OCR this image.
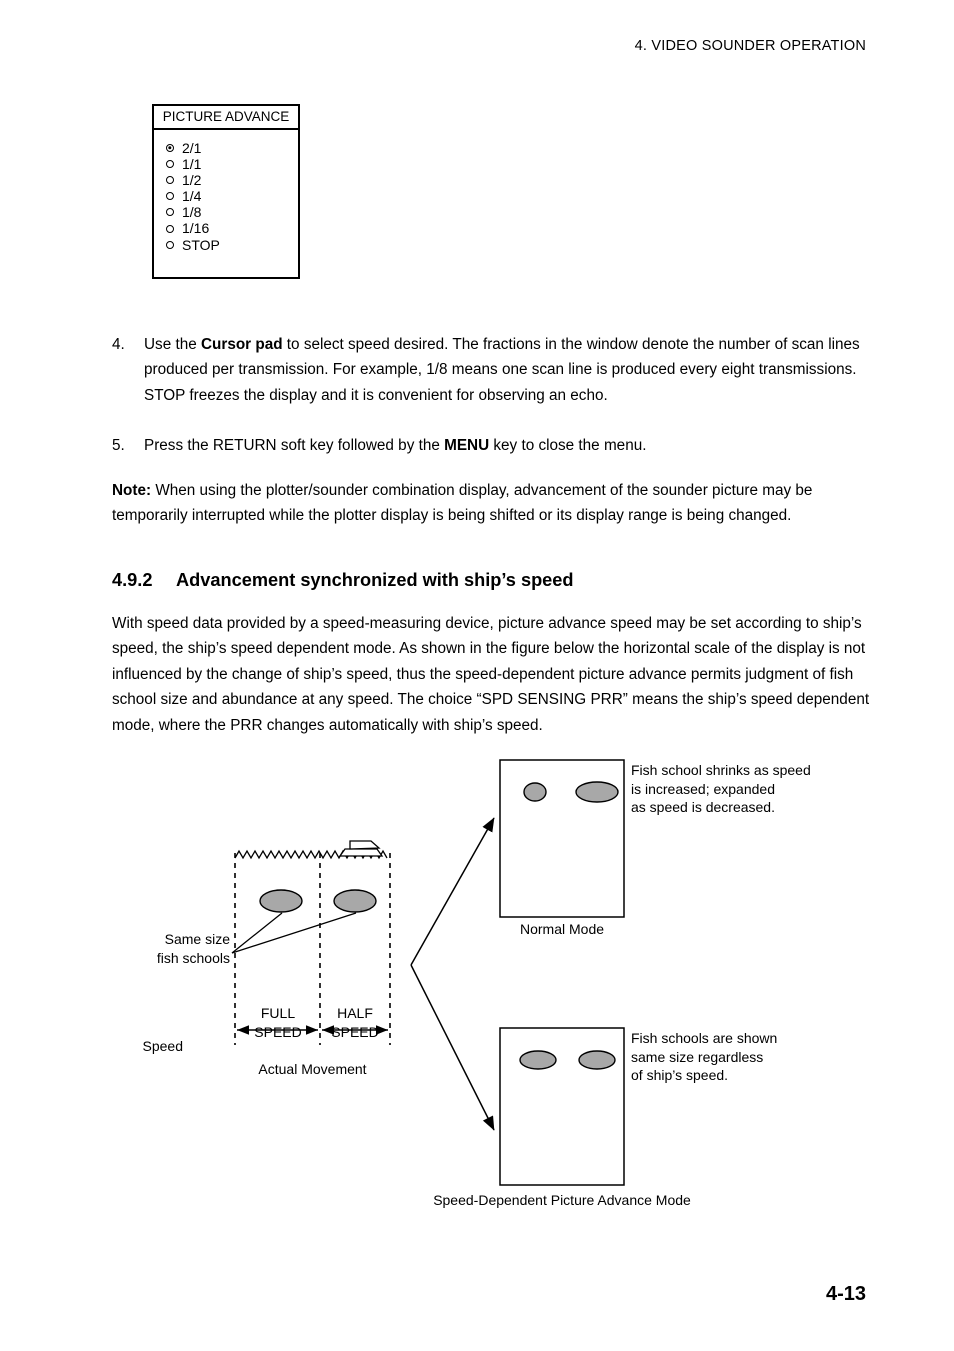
4. VIDEO SOUNDER OPERATION
PICTURE ADVANCE
2/1
1/1
1/2
1/4
1/8
1/16
STOP
4.	Use the Cursor pad to select speed desired. The fractions in the window denote the number of scan lines produced per transmission. For example, 1/8 means one scan line is produced every eight transmissions. STOP freezes the display and it is convenient for observing an echo.
5.	Press the RETURN soft key followed by the MENU key to close the menu.
Note: When using the plotter/sounder combination display, advancement of the sounder picture may be temporarily interrupted while the plotter display is being shifted or its display range is being changed.
4.9.2 Advancement synchronized with ship’s speed
With speed data provided by a speed-measuring device, picture advance speed may be set according to ship’s speed, the ship’s speed dependent mode. As shown in the figure below the horizontal scale of the display is not influenced by the change of ship’s speed, thus the speed-dependent picture advance permits judgment of fish school size and abundance at any speed. The choice “SPD SENSING PRR” means the ship’s speed dependent mode, where the PRR changes automatically with ship’s speed.
Same size
fish schools
Speed
FULL
SPEED
HALF
SPEED
Actual Movement
Fish school shrinks as speed
is increased; expanded
as speed is decreased.
Normal Mode
Fish schools are shown
same size regardless
of ship’s speed.
Speed-Dependent Picture Advance Mode
4-13
